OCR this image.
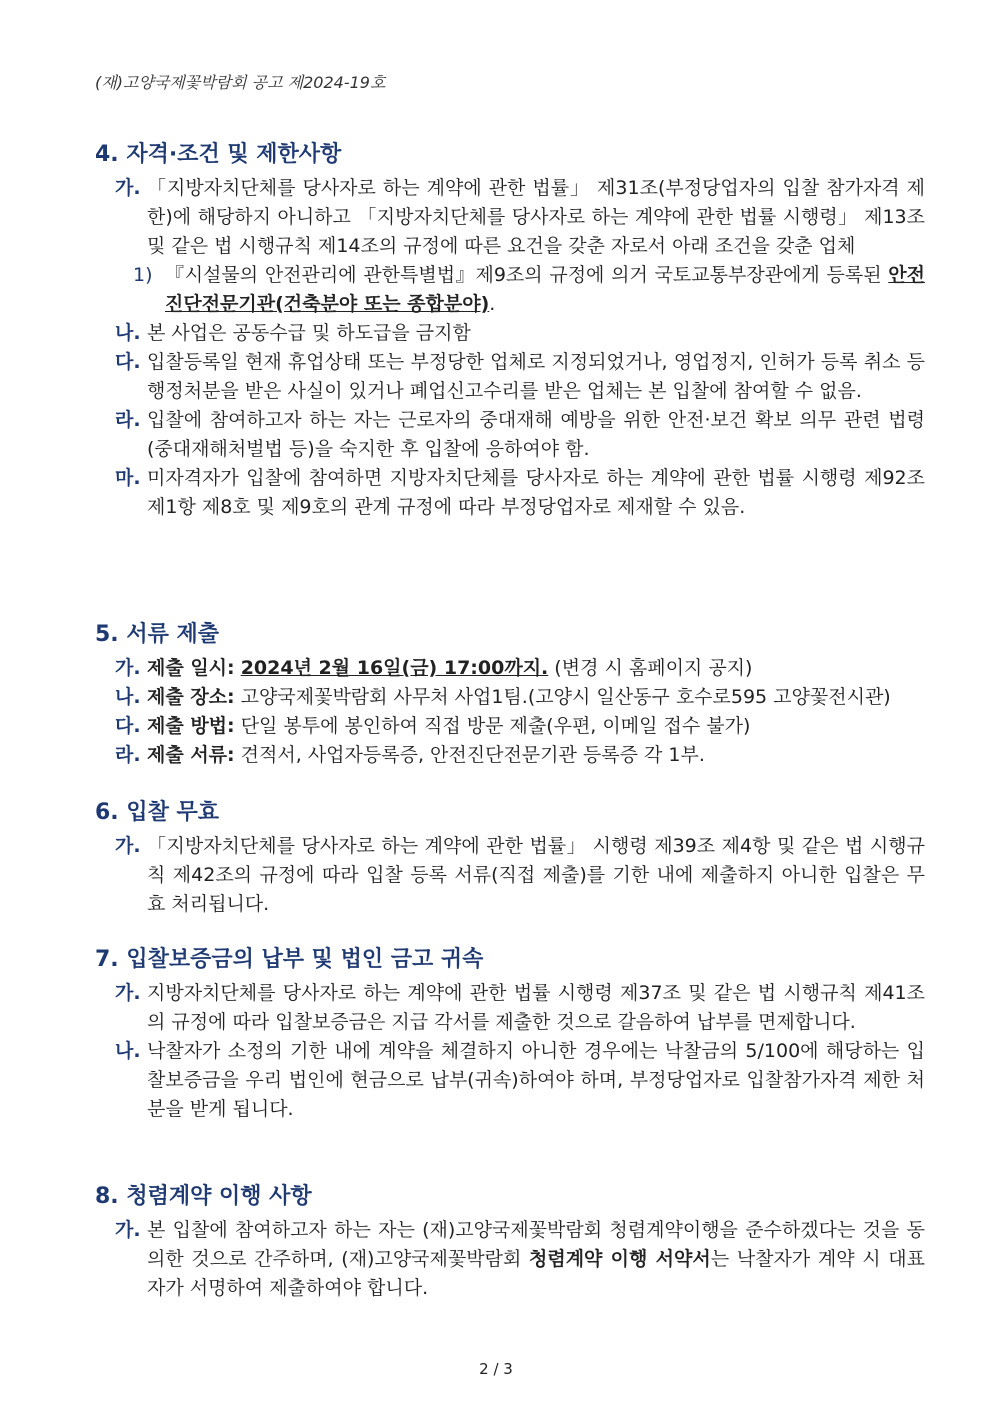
(재)고양국제꽃박람회 공고 제2024-19호
4. 자격·조건 및 제한사항
가. 「지방자치단체를 당사자로 하는 계약에 관한 법률」 제31조(부정당업자의 입찰 참가자격 제한)에 해당하지 아니하고 「지방자치단체를 당사자로 하는 계약에 관한 법률 시행령」 제13조 및 같은 법 시행규칙 제14조의 규정에 따른 요건을 갖춘 자로서 아래 조건을 갖춘 업체
1) 『시설물의 안전관리에 관한특별법』제9조의 규정에 의거 국토교통부장관에게 등록된 안전진단전문기관(건축분야 또는 종합분야).
나. 본 사업은 공동수급 및 하도급을 금지함
다. 입찰등록일 현재 휴업상태 또는 부정당한 업체로 지정되었거나, 영업정지, 인허가 등록 취소 등 행정처분을 받은 사실이 있거나 폐업신고수리를 받은 업체는 본 입찰에 참여할 수 없음.
라. 입찰에 참여하고자 하는 자는 근로자의 중대재해 예방을 위한 안전·보건 확보 의무 관련 법령(중대재해처벌법 등)을 숙지한 후 입찰에 응하여야 함.
마. 미자격자가 입찰에 참여하면 지방자치단체를 당사자로 하는 계약에 관한 법률 시행령 제92조 제1항 제8호 및 제9호의 관계 규정에 따라 부정당업자로 제재할 수 있음.
5. 서류 제출
가. 제출 일시: 2024년 2월 16일(금) 17:00까지. (변경 시 홈페이지 공지)
나. 제출 장소: 고양국제꽃박람회 사무처 사업1팀.(고양시 일산동구 호수로595 고양꽃전시관)
다. 제출 방법: 단일 봉투에 봉인하여 직접 방문 제출(우편, 이메일 접수 불가)
라. 제출 서류: 견적서, 사업자등록증, 안전진단전문기관 등록증 각 1부.
6. 입찰 무효
가. 「지방자치단체를 당사자로 하는 계약에 관한 법률」 시행령 제39조 제4항 및 같은 법 시행규칙 제42조의 규정에 따라 입찰 등록 서류(직접 제출)를 기한 내에 제출하지 아니한 입찰은 무효 처리됩니다.
7. 입찰보증금의 납부 및 법인 금고 귀속
가. 지방자치단체를 당사자로 하는 계약에 관한 법률 시행령 제37조 및 같은 법 시행규칙 제41조의 규정에 따라 입찰보증금은 지급 각서를 제출한 것으로 갈음하여 납부를 면제합니다.
나. 낙찰자가 소정의 기한 내에 계약을 체결하지 아니한 경우에는 낙찰금의 5/100에 해당하는 입찰보증금을 우리 법인에 현금으로 납부(귀속)하여야 하며, 부정당업자로 입찰참가자격 제한 처분을 받게 됩니다.
8. 청렴계약 이행 사항
가. 본 입찰에 참여하고자 하는 자는 (재)고양국제꽃박람회 청렴계약이행을 준수하겠다는 것을 동의한 것으로 간주하며, (재)고양국제꽃박람회 청렴계약 이행 서약서는 낙찰자가 계약 시 대표자가 서명하여 제출하여야 합니다.
2 / 3
